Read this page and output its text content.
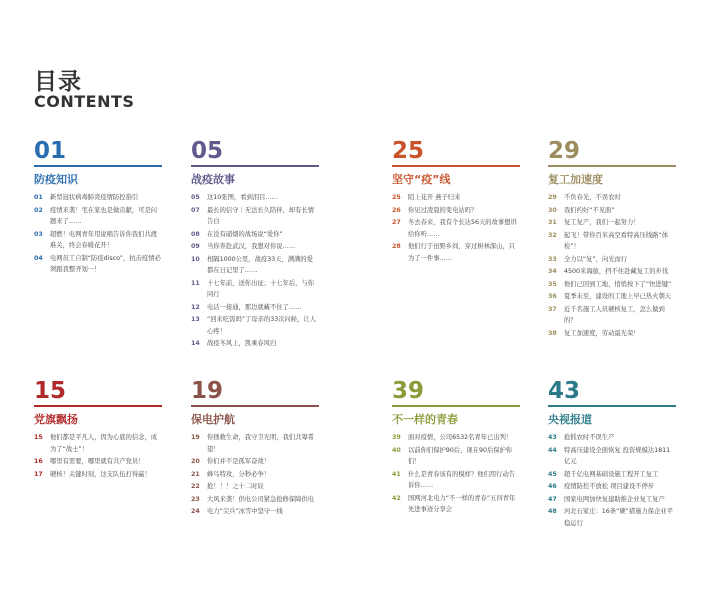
目录
CONTENTS
01
防疫知识
01 新型冠状病毒肺炎疫情防控指引
02 疫情来袭！宅在家也是做贡献，可是问题来了……
03 超燃！电网青年用说唱告诉你我们共渡难关，终会春暖花开！
04 电网员工自制“防疫disco”，抗击疫情必须跟我整齐划一！
05
战疫故事
05 这10张图，看到泪目……
07 最长的信守｜无法长久陪伴，却有长情告白
08 在没有硝烟的战场说“爱你”
09 当你奔赴武汉，我想对你说……
10 相隔1000公里，战疫33天，满满的爱都在日记里了……
11 十七年前，送你出征；十七年后，与你同行
12 电话一接通，那边就藏不住了……
13 “回来吃饭吗”了母亲的33次问候，让人心疼！
14 战疫冬风上，凯乘春风归
25
坚守“疫”线
25 陌上花开 燕子归来
26 你见过凌晨的变电站吗？
27 冬去春来，我有个长达56天的故事想讲给你听……
28 他们行于田野乡间，穿过树林深山，只为了一件事……
29
复工加速度
29 不负春光，不误农时
30 我们约好“不见面”
31 复工复产，我们一起努力！
32 起飞！带你百米高空看特高压线路“体检”！
33 全力以“复”，向光而行
34 4500米海拔，挡不住赴藏复工的步伐
35 他们已回到工地，悄悄按下了“快进键”
36 夏季未至，建设的工地上早已热火朝天
37 近千名施工人员硬核复工，怎么做到的？
38 复工加速度，劳动最光荣！
15
党旗飘扬
15 他们都是平凡人，因为心底的信念，成为了“战士”！
16 哪里有需要，哪里就有共产党员！
17 硬核！关键时刻，这支队伍打得赢！
19
保电护航
19 你拯救生命，我守卫光明，我们共筹希望！
20 你们并不是孤军奋战！
21 蜂鸟特攻，分秒必争！
22 抢！！！之十二时辰
23 大风来袭！供电公司紧急抢修保障供电
24 电力“尖兵”冰雪中坚守一线
39
不一样的青春
39 面对疫情，公司6532名青年已出列！
40 以前你们保护90后，现在90后保护你们！
41 什么是青春该有的模样？他们用行动告诉你……
42 国网河北电力“不一样的青春”五四青年先进事迹分享会
43
央视报道
43 抢抓农时不误生产
44 特高压建设全面恢复 投资规模达1811亿元
45 超千亿电网基础设施工程开工复工
46 疫情防控不放松 项目建设不停步
47 国家电网加快复建助推企业复工复产
48 河北石家庄：16条“硬”措施力保企业平稳运行
